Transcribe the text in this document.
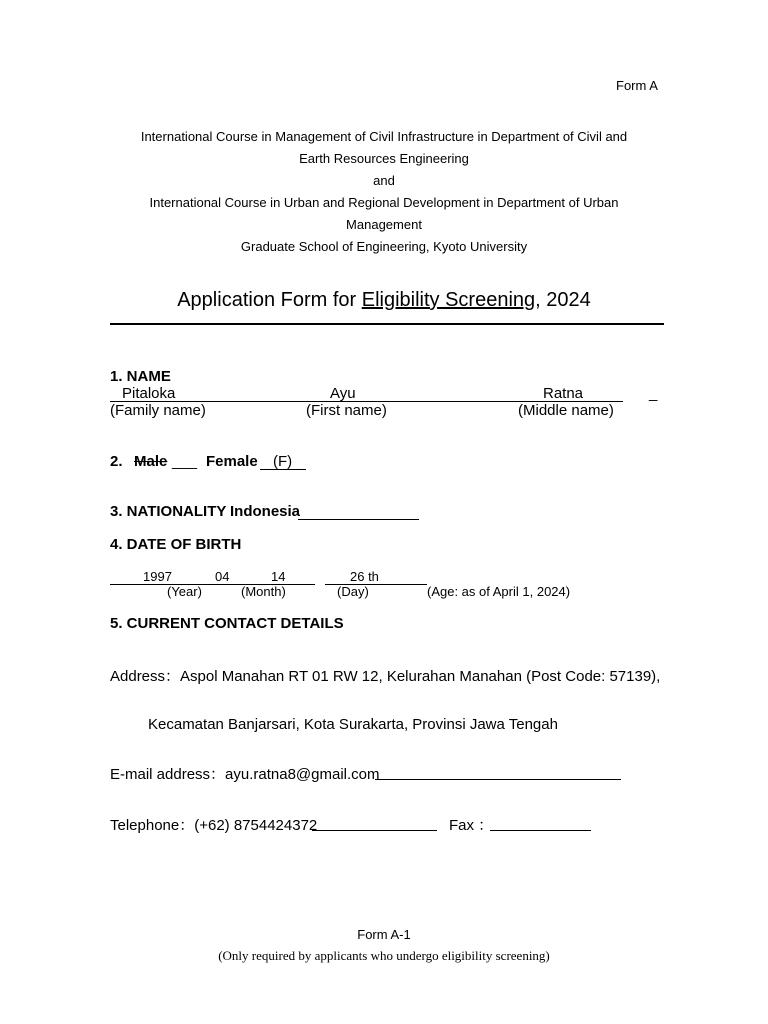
Form A
International Course in Management of Civil Infrastructure in Department of Civil and
Earth Resources Engineering
and
International Course in Urban and Regional Development in Department of Urban
Management
Graduate School of Engineering, Kyoto University
Application Form for Eligibility Screening, 2024
1. NAME
Pitaloka	Ayu	Ratna	_
(Family name)	(First name)	(Middle name)
2. Male ___ Female (F)
3. NATIONALITY Indonesia
4. DATE OF BIRTH
1997	04	14	26 th
(Year)	(Month)	(Day)	(Age: as of April 1, 2024)
5. CURRENT CONTACT DETAILS
Address：Aspol Manahan RT 01 RW 12, Kelurahan Manahan (Post Code: 57139),
Kecamatan Banjarsari, Kota Surakarta, Provinsi Jawa Tengah
E-mail address：ayu.ratna8@gmail.com
Telephone：(+62) 8754424372	Fax ：
Form A-1
(Only required by applicants who undergo eligibility screening)
